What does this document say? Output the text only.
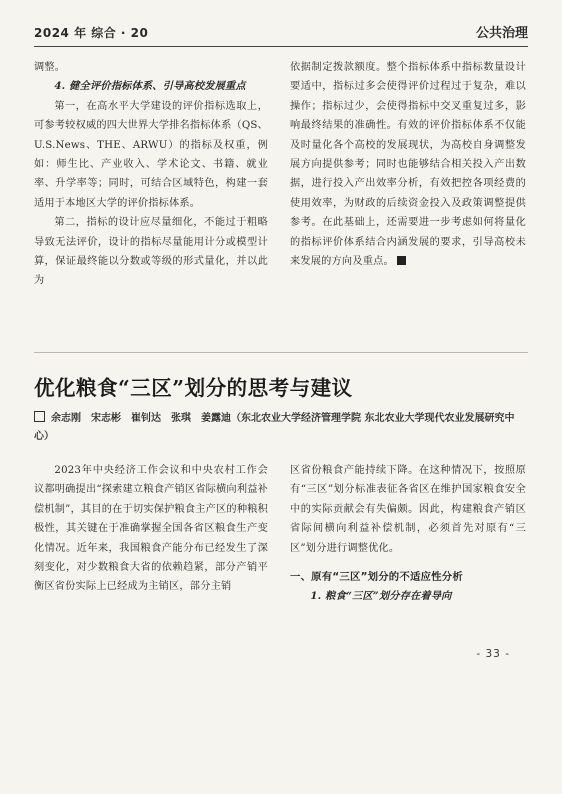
2024 年 综合 · 20	公共治理

调整。

4. 健全评价指标体系、引导高校发展重点

第一，在高水平大学建设的评价指标选取上，可参考较权威的四大世界大学排名指标体系（QS、U.S.News、THE、ARWU）的指标及权重，例如：师生比、产业收入、学术论文、书籍、就业率、升学率等；同时，可结合区域特色，构建一套适用于本地区大学的评价指标体系。

第二，指标的设计应尽量细化，不能过于粗略导致无法评价，设计的指标尽量能用计分或模型计算，保证最终能以分数或等级的形式量化，并以此为

依据制定拨款额度。整个指标体系中指标数量设计要适中，指标过多会使得评价过程过于复杂，难以操作；指标过少，会使得指标中交叉重复过多，影响最终结果的准确性。有效的评价指标体系不仅能及时量化各个高校的发展现状，为高校自身调整发展方向提供参考；同时也能够结合相关投入产出数据，进行投入产出效率分析，有效把控各项经费的使用效率，为财政的后续资金投入及政策调整提供参考。在此基础上，还需要进一步考虑如何将量化的指标评价体系结合内涵发展的要求，引导高校未来发展的方向及重点。

优化粮食“三区”划分的思考与建议
余志刚　宋志彬　崔钊达　张琪　姜露迪（东北农业大学经济管理学院 东北农业大学现代农业发展研究中心）

2023年中央经济工作会议和中央农村工作会议都明确提出“探索建立粮食产销区省际横向利益补偿机制”，其目的在于切实保护粮食主产区的种粮积极性，其关键在于准确掌握全国各省区粮食生产变化情况。近年来，我国粮食产能分布已经发生了深刻变化，对少数粮食大省的依赖趋紧，部分产销平衡区省份实际上已经成为主销区，部分主销

区省份粮食产能持续下降。在这种情况下，按照原有“三区”划分标准表征各省区在维护国家粮食安全中的实际贡献会有失偏颇。因此，构建粮食产销区省际间横向利益补偿机制，必须首先对原有“三区”划分进行调整优化。

一、原有“三区”划分的不适应性分析

1. 粮食“三区”划分存在着导向

- 33 -
